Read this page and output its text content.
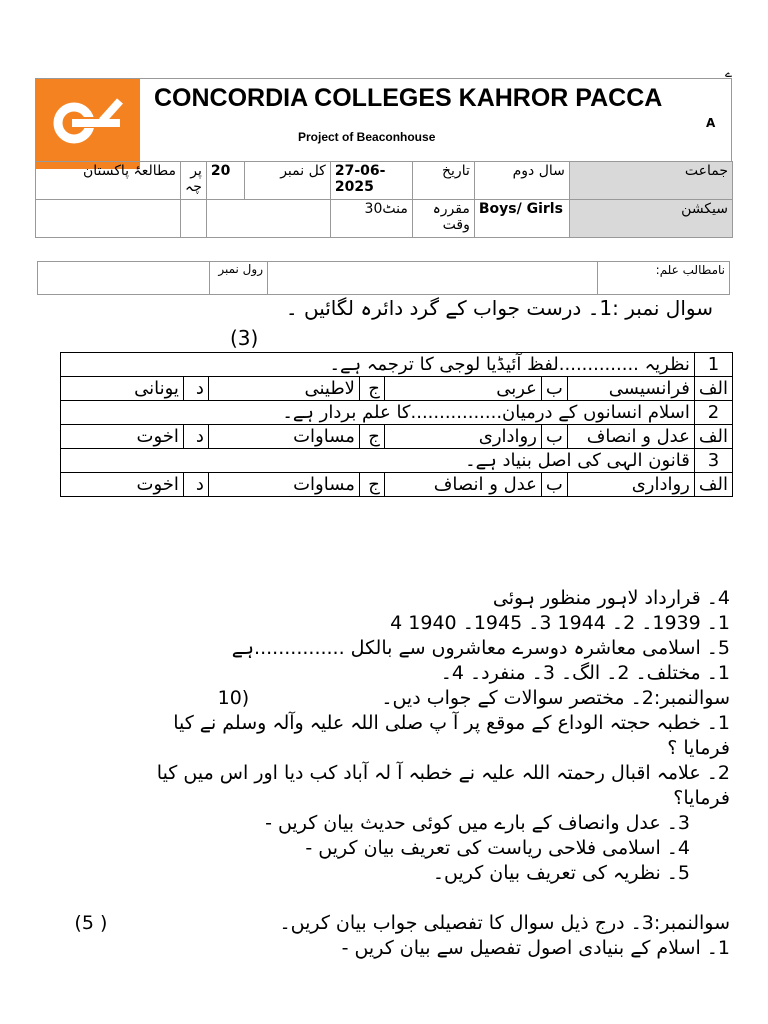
ے
CONCORDIA COLLEGES KAHROR PACCA
A
Project of Beaconhouse
مطالعۂ پاکستان	پر چہ	20	کل نمبر	27-06-2025	تاریخ	سال دوم	جماعت
				منٹ30	مقررہ وقت	Boys/ Girls	سیکشن
	رول نمبر		نامطالب علم:
سوال نمبر :1۔ درست جواب کے گرد دائرہ لگائیں ۔
(3)
1	نظریہ ..............لفظ آئیڈیا لوجی کا ترجمہ ہے۔						
الف	فرانسیسی	ب	عربی	ج	لاطینی	د	یونانی
2	اسلام انسانوں کے درمیان................کا علم بردار ہے۔						
الف	عدل و انصاف	ب	رواداری	ج	مساوات	د	اخوت
3	قانون الہی کی اصل بنیاد ہے۔						
الف	رواداری	ب	عدل و انصاف	ج	مساوات	د	اخوت
4۔ قرارداد لاہور منظور ہوئی
1۔ 1939۔ 2۔ 1944 3۔ 1945۔ 1940 4
5۔ اسلامی معاشرہ دوسرے معاشروں سے بالکل ...............ہے
1۔ مختلف۔ 2۔ الگ۔ 3۔ منفرد۔ 4۔
سوالنمبر:2۔ مختصر سوالات کے جواب دیں۔  (10
1۔ خطبہ حجتہ الوداع کے موقع پر آ پ صلی اللہ علیہ وآلہ وسلم نے کیا
فرمایا ؟
2۔ علامہ اقبال رحمتہ اللہ علیہ نے خطبہ آ لہ آباد کب دیا اور اس میں کیا
فرمایا؟
3۔ عدل وانصاف کے بارے میں کوئی حدیث بیان کریں -
4۔ اسلامی فلاحی ریاست کی تعریف بیان کریں -
5۔ نظریہ کی تعریف بیان کریں۔
سوالنمبر:3۔ درج ذیل سوال کا تفصیلی جواب بیان کریں۔  ( 5)
1۔ اسلام کے بنیادی اصول تفصیل سے بیان کریں -
